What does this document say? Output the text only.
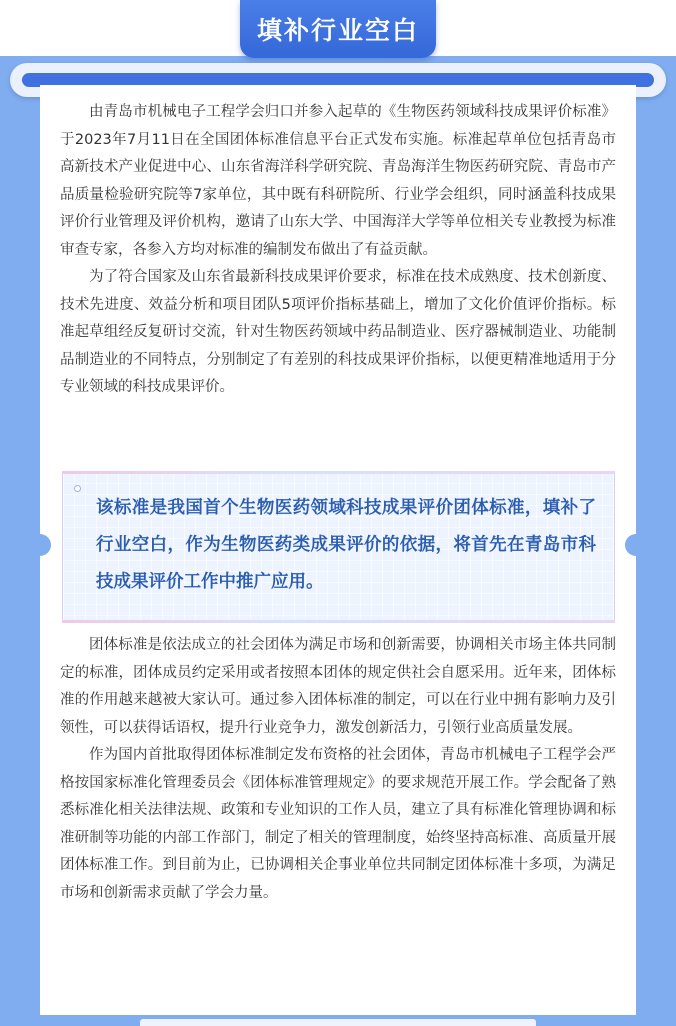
填补行业空白

由青岛市机械电子工程学会归口并参入起草的《生物医药领域科技成果评价标准》于2023年7月11日在全国团体标准信息平台正式发布实施。标准起草单位包括青岛市高新技术产业促进中心、山东省海洋科学研究院、青岛海洋生物医药研究院、青岛市产品质量检验研究院等7家单位，其中既有科研院所、行业学会组织，同时涵盖科技成果评价行业管理及评价机构，邀请了山东大学、中国海洋大学等单位相关专业教授为标准审查专家，各参入方均对标准的编制发布做出了有益贡献。

为了符合国家及山东省最新科技成果评价要求，标准在技术成熟度、技术创新度、技术先进度、效益分析和项目团队5项评价指标基础上，增加了文化价值评价指标。标准起草组经反复研讨交流，针对生物医药领域中药品制造业、医疗器械制造业、功能制品制造业的不同特点，分别制定了有差别的科技成果评价指标，以便更精准地适用于分专业领域的科技成果评价。

该标准是我国首个生物医药领域科技成果评价团体标准，填补了行业空白，作为生物医药类成果评价的依据，将首先在青岛市科技成果评价工作中推广应用。

团体标准是依法成立的社会团体为满足市场和创新需要，协调相关市场主体共同制定的标准，团体成员约定采用或者按照本团体的规定供社会自愿采用。近年来，团体标准的作用越来越被大家认可。通过参入团体标准的制定，可以在行业中拥有影响力及引领性，可以获得话语权，提升行业竞争力，激发创新活力，引领行业高质量发展。

作为国内首批取得团体标准制定发布资格的社会团体，青岛市机械电子工程学会严格按国家标准化管理委员会《团体标准管理规定》的要求规范开展工作。学会配备了熟悉标准化相关法律法规、政策和专业知识的工作人员，建立了具有标准化管理协调和标准研制等功能的内部工作部门，制定了相关的管理制度，始终坚持高标准、高质量开展团体标准工作。到目前为止，已协调相关企事业单位共同制定团体标准十多项，为满足市场和创新需求贡献了学会力量。
